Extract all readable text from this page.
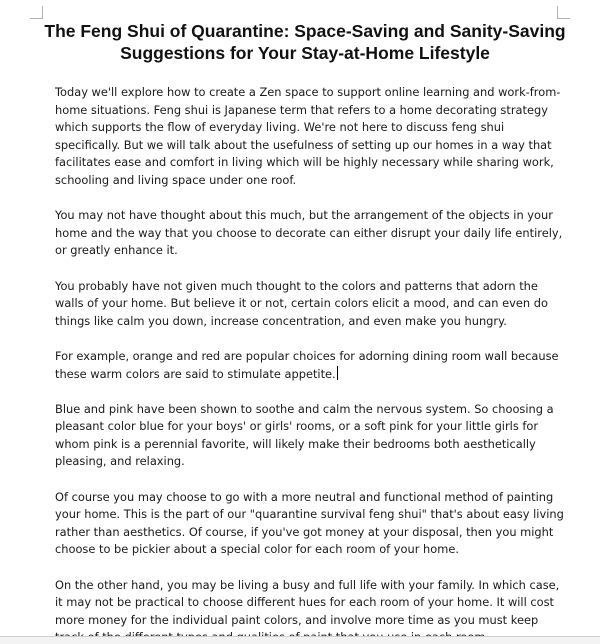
The Feng Shui of Quarantine: Space-Saving and Sanity-Saving Suggestions for Your Stay-at-Home Lifestyle

Today we'll explore how to create a Zen space to support online learning and work-from-home situations. Feng shui is Japanese term that refers to a home decorating strategy which supports the flow of everyday living. We're not here to discuss feng shui specifically. But we will talk about the usefulness of setting up our homes in a way that facilitates ease and comfort in living which will be highly necessary while sharing work, schooling and living space under one roof.

You may not have thought about this much, but the arrangement of the objects in your home and the way that you choose to decorate can either disrupt your daily life entirely, or greatly enhance it.

You probably have not given much thought to the colors and patterns that adorn the walls of your home. But believe it or not, certain colors elicit a mood, and can even do things like calm you down, increase concentration, and even make you hungry.

For example, orange and red are popular choices for adorning dining room wall because these warm colors are said to stimulate appetite.

Blue and pink have been shown to soothe and calm the nervous system. So choosing a pleasant color blue for your boys' or girls' rooms, or a soft pink for your little girls for whom pink is a perennial favorite, will likely make their bedrooms both aesthetically pleasing, and relaxing.

Of course you may choose to go with a more neutral and functional method of painting your home. This is the part of our "quarantine survival feng shui" that's about easy living rather than aesthetics. Of course, if you've got money at your disposal, then you might choose to be pickier about a special color for each room of your home.

On the other hand, you may be living a busy and full life with your family. In which case, it may not be practical to choose different hues for each room of your home. It will cost more money for the individual paint colors, and involve more time as you must keep
